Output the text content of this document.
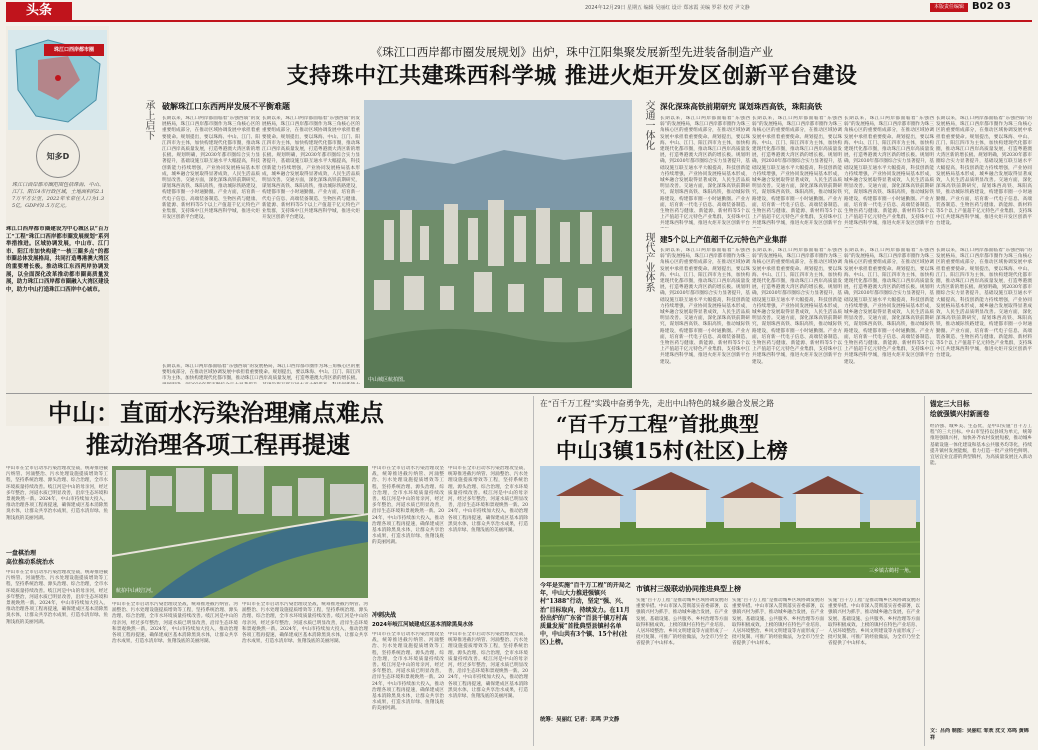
头条	2024年12月29日 星期五 编辑 吴丽红 设计 郑冰霞 美编 罗彩 校对 尹文静	本版责任编辑 B02 03
珠江口西岸都市圈
知多D
珠江口西岸都市圈范围包括珠海、中山、江门、阳江4市行政区域，土地面积约2.17万平方公里，2022年末常住人口为1.35亿，GDP约1.5万亿元。
珠江口西岸都市圈建设为中心城区以“百万工”工程“珠江口西岸都市圈发展规划”系列举措推进。区域协调发展，中山市、江门市、阳江市加快构建“一核三圈多点”的都市圈总体发展格局，共同打造粤港澳大湾区的重要增长极。推动珠江东西两岸协调发展，以全面深化改革推动都市圈高质量发展，助力珠江口西岸都市圈融入大湾区建设中，助力中山打造珠江口西岸中心城市。
《珠江口西岸都市圈发展规划》出炉，珠中江阳集聚发展新型先进装备制造产业
支持珠中江共建珠西科学城 推进火炬开发区创新平台建设
承上启下 破解珠江口东西两岸发展不平衡难题
长期以来，珠江口两岸都面临着“东强西弱”的发展格局，珠江口西岸都市圈作为珠三角核心区的重要组成部分，在推动区域协调发展中承担着重要使命。规划提出，要以珠海、中山、江门、阳江四市为主体，加快构建现代化都市圈，推动珠江口西岸高质量发展，打造粤港澳大湾区新的增长极。规划明确，到2030年都市圈综合实力显著提升，基础设施互联互通水平大幅提高，科技创新能力持续增强，产业协同发展格局基本形成，城乡融合发展取得显著成效，人民生活品质明显改善。交通方面，深化深珠高铁前期研究，谋划珠西高铁、珠阳高铁，推动城际铁路建设，构建都市圈一小时通勤圈。产业方面，培育新一代电子信息、高端装备制造、生物医药与健康、新能源、新材料等5个以上产值超千亿元特色产业集群，支持珠中江共建珠西科学城，推进火炬开发区创新平台建设。
长期以来，珠江口两岸都面临着“东强西弱”的发展格局，珠江口西岸都市圈作为珠三角核心区的重要组成部分，在推动区域协调发展中承担着重要使命。规划提出，要以珠海、中山、江门、阳江四市为主体，加快构建现代化都市圈，推动珠江口西岸高质量发展，打造粤港澳大湾区新的增长极。规划明确，到2030年都市圈综合实力显著提升，基础设施互联互通水平大幅提高，科技创新能力持续增强，产业协同发展格局基本形成，城乡融合发展取得显著成效，人民生活品质明显改善。交通方面，深化深珠高铁前期研究，谋划珠西高铁、珠阳高铁，推动城际铁路建设，构建都市圈一小时通勤圈。产业方面，培育新一代电子信息、高端装备制造、生物医药与健康、新能源、新材料等5个以上产值超千亿元特色产业集群，支持珠中江共建珠西科学城，推进火炬开发区创新平台建设。
长期以来，珠江口两岸都面临着“东强西弱”的发展格局，珠江口西岸都市圈作为珠三角核心区的重要组成部分，在推动区域协调发展中承担着重要使命。规划提出，要以珠海、中山、江门、阳江四市为主体，加快构建现代化都市圈，推动珠江口西岸高质量发展，打造粤港澳大湾区新的增长极。 中山城区航拍图。
交通一体化 深化深珠高铁前期研究 谋划珠西高铁，珠阳高铁
长期以来，珠江口两岸都面临着“东强西弱”的发展格局，珠江口西岸都市圈作为珠三角核心区的重要组成部分，在推动区域协调发展中承担着重要使命。规划提出，要以珠海、中山、江门、阳江四市为主体，加快构建现代化都市圈，推动珠江口西岸高质量发展，打造粤港澳大湾区新的增长极。规划明确，到2030年都市圈综合实力显著提升，基础设施互联互通水平大幅提高，科技创新能力持续增强，产业协同发展格局基本形成，城乡融合发展取得显著成效，人民生活品质明显改善。交通方面，深化深珠高铁前期研究，谋划珠西高铁、珠阳高铁，推动城际铁路建设，构建都市圈一小时通勤圈。产业方面，培育新一代电子信息、高端装备制造、生物医药与健康、新能源、新材料等5个以上产值超千亿元特色产业集群，支持珠中江共建珠西科学城，推进火炬开发区创新平台
长期以来，珠江口两岸都面临着“东强西弱”的发展格局，珠江口西岸都市圈作为珠三角核心区的重要组成部分，在推动区域协调发展中承担着重要使命。规划提出，要以珠海、中山、江门、阳江四市为主体，加快构建现代化都市圈，推动珠江口西岸高质量发展，打造粤港澳大湾区新的增长极。规划明确，到2030年都市圈综合实力显著提升，基础设施互联互通水平大幅提高，科技创新能力持续增强，产业协同发展格局基本形成，城乡融合发展取得显著成效，人民生活品质明显改善。交通方面，深化深珠高铁前期研究，谋划珠西高铁、珠阳高铁，推动城际铁路建设，构建都市圈一小时通勤圈。产业方面，培育新一代电子信息、高端装备制造、生物医药与健康、新能源、新材料等5个以上产值超千亿元特色产业集群，支持珠中江共建珠西科学城，推进火炬开发区创新平台
长期以来，珠江口两岸都面临着“东强西弱”的发展格局，珠江口西岸都市圈作为珠三角核心区的重要组成部分，在推动区域协调发展中承担着重要使命。规划提出，要以珠海、中山、江门、阳江四市为主体，加快构建现代化都市圈，推动珠江口西岸高质量发展，打造粤港澳大湾区新的增长极。规划明确，到2030年都市圈综合实力显著提升，基础设施互联互通水平大幅提高，科技创新能力持续增强，产业协同发展格局基本形成，城乡融合发展取得显著成效，人民生活品质明显改善。交通方面，深化深珠高铁前期研究，谋划珠西高铁、珠阳高铁，推动城际铁路建设，构建都市圈一小时通勤圈。产业方面，培育新一代电子信息、高端装备制造、生物医药与健康、新能源、新材料等5个以上产值超千亿元特色产业集群，支持珠中江共建珠西科学城，推进火炬开发区创新平台
长期以来，珠江口两岸都面临着“东强西弱”的发展格局，珠江口西岸都市圈作为珠三角核心区的重要组成部分，在推动区域协调发展中承担着重要使命。规划提出，要以珠海、中山、江门、阳江四市为主体，加快构建现代化都市圈，推动珠江口西岸高质量发展，打造粤港澳大湾区新的增长极。规划明确，到2030年都市圈综合实力显著提升，基础设施互联互通水平大幅提高，科技创新能力持续增强，产业协同发展格局基本形成，城乡融合发展取得显著成效，人民生活品质明显改善。交通方面，深化深珠高铁前期研究，谋划珠西高铁、珠阳高铁，推动城际铁路建设，构建都市圈一小时通勤圈。产业方面，培育新一代电子信息、高端装备制造、生物医药与健康、新能源、新材料等5个以上产值超千亿元特色产业集群，支持珠中江共建珠西科学城，推进火炬开发区创新平台建设。
现代产业体系 建5个以上产值超千亿元特色产业集群
长期以来，珠江口两岸都面临着“东强西弱”的发展格局，珠江口西岸都市圈作为珠三角核心区的重要组成部分，在推动区域协调发展中承担着重要使命。规划提出，要以珠海、中山、江门、阳江四市为主体，加快构建现代化都市圈，推动珠江口西岸高质量发展，打造粤港澳大湾区新的增长极。规划明确，到2030年都市圈综合实力显著提升，基础设施互联互通水平大幅提高，科技创新能力持续增强，产业协同发展格局基本形成，城乡融合发展取得显著成效，人民生活品质明显改善。交通方面，深化深珠高铁前期研究，谋划珠西高铁、珠阳高铁，推动城际铁路建设，构建都市圈一小时通勤圈。产业方面，培育新一代电子信息、高端装备制造、生物医药与健康、新能源、新材料等5个以上产值超千亿元特色产业集群，支持珠中江共建珠西科学城，推进火炬开发区创新平台建设。
长期以来，珠江口两岸都面临着“东强西弱”的发展格局，珠江口西岸都市圈作为珠三角核心区的重要组成部分，在推动区域协调发展中承担着重要使命。规划提出，要以珠海、中山、江门、阳江四市为主体，加快构建现代化都市圈，推动珠江口西岸高质量发展，打造粤港澳大湾区新的增长极。规划明确，到2030年都市圈综合实力显著提升，基础设施互联互通水平大幅提高，科技创新能力持续增强，产业协同发展格局基本形成，城乡融合发展取得显著成效，人民生活品质明显改善。交通方面，深化深珠高铁前期研究，谋划珠西高铁、珠阳高铁，推动城际铁路建设，构建都市圈一小时通勤圈。产业方面，培育新一代电子信息、高端装备制造、生物医药与健康、新能源、新材料等5个以上产值超千亿元特色产业集群，支持珠中江共建珠西科学城，推进火炬开发区创新平台建设。
长期以来，珠江口两岸都面临着“东强西弱”的发展格局，珠江口西岸都市圈作为珠三角核心区的重要组成部分，在推动区域协调发展中承担着重要使命。规划提出，要以珠海、中山、江门、阳江四市为主体，加快构建现代化都市圈，推动珠江口西岸高质量发展，打造粤港澳大湾区新的增长极。规划明确，到2030年都市圈综合实力显著提升，基础设施互联互通水平大幅提高，科技创新能力持续增强，产业协同发展格局基本形成，城乡融合发展取得显著成效，人民生活品质明显改善。交通方面，深化深珠高铁前期研究，谋划珠西高铁、珠阳高铁，推动城际铁路建设，构建都市圈一小时通勤圈。产业方面，培育新一代电子信息、高端装备制造、生物医药与健康、新能源、新材料等5个以上产值超千亿元特色产业集群，支持珠中江共建珠西科学城，推进火炬开发区创新平台建设。
长期以来，珠江口两岸都面临着“东强西弱”的发展格局，珠江口西岸都市圈作为珠三角核心区的重要组成部分，在推动区域协调发展中承担着重要使命。规划提出，要以珠海、中山、江门、阳江四市为主体，加快构建现代化都市圈，推动珠江口西岸高质量发展，打造粤港澳大湾区新的增长极。规划明确，到2030年都市圈综合实力显著提升，基础设施互联互通水平大幅提高，科技创新能力持续增强，产业协同发展格局基本形成，城乡融合发展取得显著成效，人民生活品质明显改善。交通方面，深化深珠高铁前期研究，谋划珠西高铁、珠阳高铁，推动城际铁路建设，构建都市圈一小时通勤圈。产业方面，培育新一代电子信息、高端装备制造、生物医药与健康、新能源、新材料等5个以上产值超千亿元特色产业集群，支持珠中江共建珠西科学城，推进火炬开发区创新平台建设。
中山：直面水污染治理痛点难点
推动治理各项工程再提速
中山市在全市启动水污染治理攻坚战，统筹推进截污纳管、河涌整治、污水处理设施提质增效等工程，坚持系统治理、源头治理、综合治理，全市水环境质量持续改善。岐江河是中山的母亲河，经过多年整治，河道水质已明显改善，沿岸生态环境和景观焕然一新。2024年，中山市持续加大投入，推动治理各项工程再提速，确保建成区基本消除黑臭水体，让群众共享治水成果，打造水清岸绿、鱼翔浅底的美丽河湖。
一盘棋治理
高位推动系统治水
中山市在全市启动水污染治理攻坚战，统筹推进截污纳管、河涌整治、污水处理设施提质增效等工程，坚持系统治理、源头治理、综合治理，全市水环境质量持续改善。岐江河是中山的母亲河，经过多年整治，河道水质已明显改善，沿岸生态环境和景观焕然一新。2024年，中山市持续加大投入，推动治理各项工程再提速，确保建成区基本消除黑臭水体，让群众共享治水成果，打造水清岸绿、鱼翔浅底的美丽河湖。
航拍中山岐江河。
中山市在全市启动水污染治理攻坚战，统筹推进截污纳管、河涌整治、污水处理设施提质增效等工程，坚持系统治理、源头治理、综合治理，全市水环境质量持续改善。岐江河是中山的母亲河，经过多年整治，河道水质已明显改善，沿岸生态环境和景观焕然一新。2024年，中山市持续加大投入，推动治理各项工程再提速，确保建成区基本消除黑臭水体，让群众共享治水成果，打造水清岸绿、鱼翔浅底的美丽河湖。
中山市在全市启动水污染治理攻坚战，统筹推进截污纳管、河涌整治、污水处理设施提质增效等工程，坚持系统治理、源头治理、综合治理，全市水环境质量持续改善。岐江河是中山的母亲河，经过多年整治，河道水质已明显改善，沿岸生态环境和景观焕然一新。2024年，中山市持续加大投入，推动治理各项工程再提速，确保建成区基本消除黑臭水体，让群众共享治水成果，打造水清岸绿、鱼翔浅底的美丽河湖。
中山市在全市启动水污染治理攻坚战，统筹推进截污纳管、河涌整治、污水处理设施提质增效等工程，坚持系统治理、源头治理、综合治理，全市水环境质量持续改善。岐江河是中山的母亲河，经过多年整治，河道水质已明显改善，沿岸生态环境和景观焕然一新。2024年，中山市持续加大投入，推动治理各项工程再提速，确保建成区基本消除黑臭水体，让群众共享治水成果，打造水清岸绿、鱼翔浅底的美丽河湖。
中山市在全市启动水污染治理攻坚战，统筹推进截污纳管、河涌整治、污水处理设施提质增效等工程，坚持系统治理、源头治理、综合治理，全市水环境质量持续改善。岐江河是中山的母亲河，经过多年整治，河道水质已明显改善，沿岸生态环境和景观焕然一新。2024年，中山市持续加大投入，推动治理各项工程再提速，确保建成区基本消除黑臭水体，让群众共享治水成果，打造水清岸绿、鱼翔浅底的美丽河湖。
冲刺决战
2024年岐江河城建成区基本消除黑臭水体
中山市在全市启动水污染治理攻坚战，统筹推进截污纳管、河涌整治、污水处理设施提质增效等工程，坚持系统治理、源头治理、综合治理，全市水环境质量持续改善。岐江河是中山的母亲河，经过多年整治，河道水质已明显改善，沿岸生态环境和景观焕然一新。2024年，中山市持续加大投入，推动治理各项工程再提速，确保建成区基本消除黑臭水体，让群众共享治水成果，打造水清岸绿、鱼翔浅底的美丽河湖。
中山市在全市启动水污染治理攻坚战，统筹推进截污纳管、河涌整治、污水处理设施提质增效等工程，坚持系统治理、源头治理、综合治理，全市水环境质量持续改善。岐江河是中山的母亲河，经过多年整治，河道水质已明显改善，沿岸生态环境和景观焕然一新。2024年，中山市持续加大投入，推动治理各项工程再提速，确保建成区基本消除黑臭水体，让群众共享治水成果，打造水清岸绿、鱼翔浅底的美丽河湖。
在“百千万工程”实践中奋勇争先，走出中山特色的城乡融合发展之路
“百千万工程”首批典型
中山3镇15村(社区)上榜
三乡镇古鹤村一角。
今年是实施“百千万工程”的开局之年，中山大力推进强镇兴村“1388”行动，坚定“强、兴、治”目标取向，持续发力。在11月份出炉的广东省“百县千镇万村高质量发展”首批典型县镇村名单中，中山共有3个镇、15个村(社区)上榜。
统筹：吴丽红 记者：邓鸣 尹文静
市镇村三级联动协同推进典型上榜
实施“百千万工程”是推动城乡区域协调发展的重要举措。中山市深入贯彻落实省委部署，以强镇兴村为抓手，推动城乡融合发展，在产业发展、基础设施、公共服务、乡村治理等方面取得积极成效。上榜的镇村在特色产业培育、人居环境整治、乡风文明建设等方面形成了一批可复制、可推广的经验做法，为全市乃至全省提供了中山样本。
实施“百千万工程”是推动城乡区域协调发展的重要举措。中山市深入贯彻落实省委部署，以强镇兴村为抓手，推动城乡融合发展，在产业发展、基础设施、公共服务、乡村治理等方面取得积极成效。上榜的镇村在特色产业培育、人居环境整治、乡风文明建设等方面形成了一批可复制、可推广的经验做法，为全市乃至全省提供了中山样本。
实施“百千万工程”是推动城乡区域协调发展的重要举措。中山市深入贯彻落实省委部署，以强镇兴村为抓手，推动城乡融合发展，在产业发展、基础设施、公共服务、乡村治理等方面取得积极成效。上榜的镇村在特色产业培育、人居环境整治、乡风文明建设等方面形成了一批可复制、可推广的经验做法，为全市乃至全省提供了中山样本。
锚定三大目标
绘就强镇兴村新画卷
经济强、城乡美、生态优，是中山实施“百千万工程”的三大目标。中山市坚持以县域为单元，统筹推进强镇兴村，加快补齐农村发展短板，推动城乡基础设施一体化建设和基本公共服务均等化，持续提升镇村发展能级，着力打造一批产业特色鲜明、宜居宜业宜游的典型镇村，为高质量发展注入新动能。
文：吕尚 制图：吴丽红 邹欢 沈文 邓鸣 黄锦祥
